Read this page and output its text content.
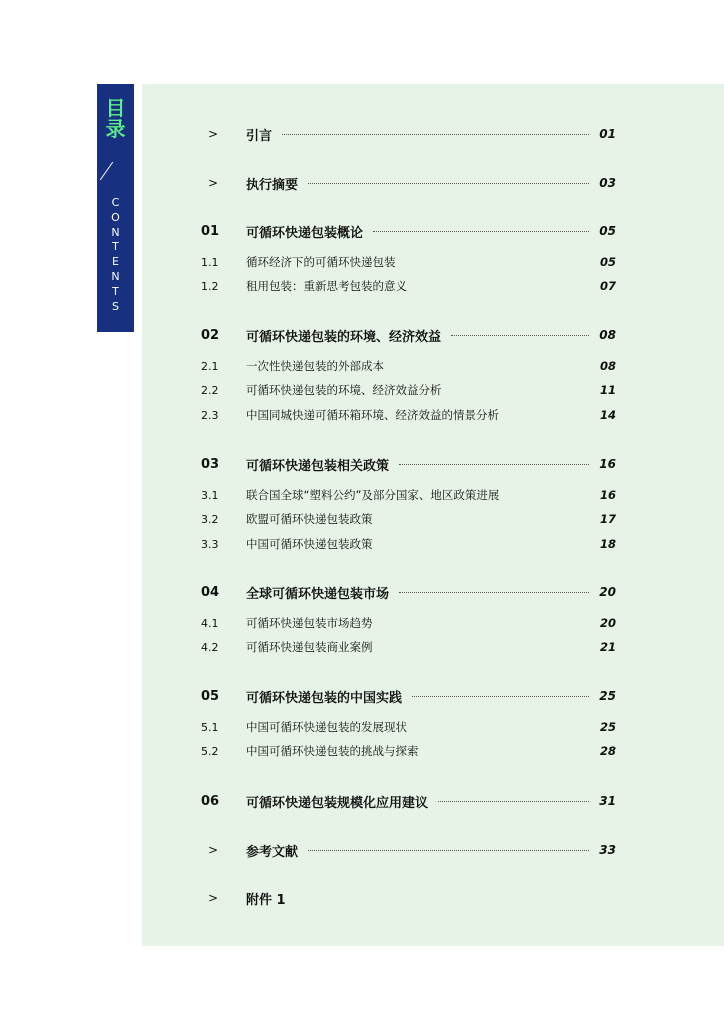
目
录
C
O
N
T
E
N
T
S
>	引言	01
>	执行摘要	03
01	可循环快递包装概论	05
1.1	循环经济下的可循环快递包装	05
1.2	租用包装：重新思考包装的意义	07
02	可循环快递包装的环境、经济效益	08
2.1	一次性快递包装的外部成本	08
2.2	可循环快递包装的环境、经济效益分析	11
2.3	中国同城快递可循环箱环境、经济效益的情景分析	14
03	可循环快递包装相关政策	16
3.1	联合国全球“塑料公约”及部分国家、地区政策进展	16
3.2	欧盟可循环快递包装政策	17
3.3	中国可循环快递包装政策	18
04	全球可循环快递包装市场	20
4.1	可循环快递包装市场趋势	20
4.2	可循环快递包装商业案例	21
05	可循环快递包装的中国实践	25
5.1	中国可循环快递包装的发展现状	25
5.2	中国可循环快递包装的挑战与探索	28
06	可循环快递包装规模化应用建议	31
>	参考文献	33
>	附件 1
